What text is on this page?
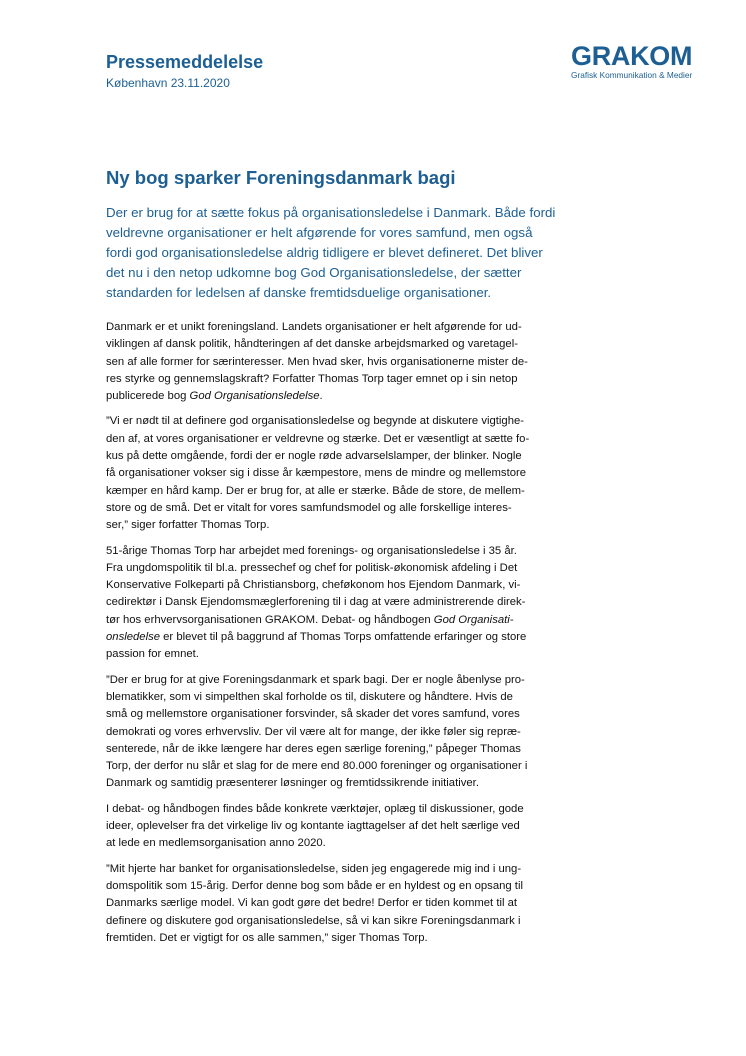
Pressemeddelelse
København 23.11.2020
GRAKOM
Grafisk Kommunikation & Medier
Ny bog sparker Foreningsdanmark bagi
Der er brug for at sætte fokus på organisationsledelse i Danmark. Både fordi
veldrevne organisationer er helt afgørende for vores samfund, men også
fordi god organisationsledelse aldrig tidligere er blevet defineret. Det bliver
det nu i den netop udkomne bog God Organisationsledelse, der sætter
standarden for ledelsen af danske fremtidsduelige organisationer.

Danmark er et unikt foreningsland. Landets organisationer er helt afgørende for ud-
viklingen af dansk politik, håndteringen af det danske arbejdsmarked og varetagel-
sen af alle former for særinteresser. Men hvad sker, hvis organisationerne mister de-
res styrke og gennemslagskraft? Forfatter Thomas Torp tager emnet op i sin netop
publicerede bog God Organisationsledelse.

”Vi er nødt til at definere god organisationsledelse og begynde at diskutere vigtighe-
den af, at vores organisationer er veldrevne og stærke. Det er væsentligt at sætte fo-
kus på dette omgående, fordi der er nogle røde advarselslamper, der blinker. Nogle
få organisationer vokser sig i disse år kæmpestore, mens de mindre og mellemstore
kæmper en hård kamp. Der er brug for, at alle er stærke. Både de store, de mellem-
store og de små. Det er vitalt for vores samfundsmodel og alle forskellige interes-
ser,” siger forfatter Thomas Torp.

51-årige Thomas Torp har arbejdet med forenings- og organisationsledelse i 35 år.
Fra ungdomspolitik til bl.a. pressechef og chef for politisk-økonomisk afdeling i Det
Konservative Folkeparti på Christiansborg, cheføkonom hos Ejendom Danmark, vi-
cedirektør i Dansk Ejendomsmæglerforening til i dag at være administrerende direk-
tør hos erhvervsorganisationen GRAKOM. Debat- og håndbogen God Organisati-
onsledelse er blevet til på baggrund af Thomas Torps omfattende erfaringer og store
passion for emnet.

”Der er brug for at give Foreningsdanmark et spark bagi. Der er nogle åbenlyse pro-
blematikker, som vi simpelthen skal forholde os til, diskutere og håndtere. Hvis de
små og mellemstore organisationer forsvinder, så skader det vores samfund, vores
demokrati og vores erhvervsliv. Der vil være alt for mange, der ikke føler sig repræ-
senterede, når de ikke længere har deres egen særlige forening,” påpeger Thomas
Torp, der derfor nu slår et slag for de mere end 80.000 foreninger og organisationer i
Danmark og samtidig præsenterer løsninger og fremtidssikrende initiativer.

I debat- og håndbogen findes både konkrete værktøjer, oplæg til diskussioner, gode
ideer, oplevelser fra det virkelige liv og kontante iagttagelser af det helt særlige ved
at lede en medlemsorganisation anno 2020.

”Mit hjerte har banket for organisationsledelse, siden jeg engagerede mig ind i ung-
domspolitik som 15-årig. Derfor denne bog som både er en hyldest og en opsang til
Danmarks særlige model. Vi kan godt gøre det bedre! Derfor er tiden kommet til at
definere og diskutere god organisationsledelse, så vi kan sikre Foreningsdanmark i
fremtiden. Det er vigtigt for os alle sammen,” siger Thomas Torp.
